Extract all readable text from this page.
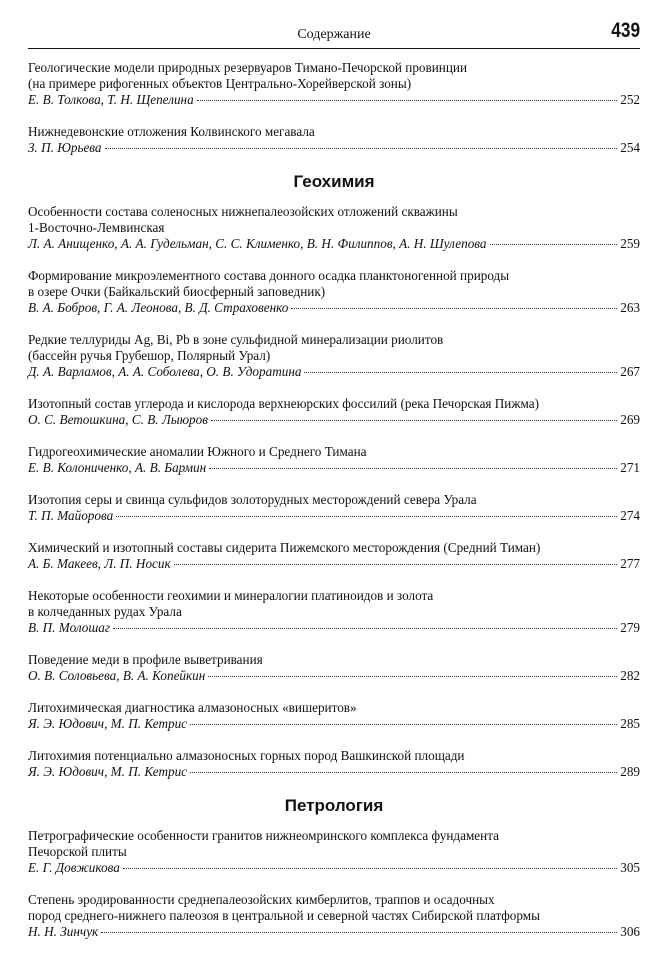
Содержание	439
Геологические модели природных резервуаров Тимано-Печорской провинции
(на примере рифогенных объектов Центрально-Хорейверской зоны)
Е. В. Толкова, Т. Н. Щепелина	252
Нижнедевонские отложения Колвинского мегавала
З. П. Юрьева	254
Геохимия
Особенности состава соленосных нижнепалеозойских отложений скважины
1-Восточно-Лемвинская
Л. А. Анищенко, А. А. Гудельман, С. С. Клименко, В. Н. Филиппов, А. Н. Шулепова	259
Формирование микроэлементного состава донного осадка планктоногенной природы
в озере Очки (Байкальский биосферный заповедник)
В. А. Бобров, Г. А. Леонова, В. Д. Страховенко	263
Редкие теллуриды Ag, Bi, Pb в зоне сульфидной минерализации риолитов
(бассейн ручья Грубешор, Полярный Урал)
Д. А. Варламов, А. А. Соболева, О. В. Удоратина	267
Изотопный состав углерода и кислорода верхнеюрских фоссилий (река Печорская Пижма)
О. С. Ветошкина, С. В. Лыюров	269
Гидрогеохимические аномалии Южного и Среднего Тимана
Е. В. Колониченко, А. В. Бармин	271
Изотопия серы и свинца сульфидов золоторудных месторождений севера Урала
Т. П. Майорова	274
Химический и изотопный составы сидерита Пижемского месторождения (Средний Тиман)
А. Б. Макеев, Л. П. Носик	277
Некоторые особенности геохимии и минералогии платиноидов и золота
в колчеданных рудах Урала
В. П. Молошаг	279
Поведение меди в профиле выветривания
О. В. Соловьева, В. А. Копейкин	282
Литохимическая диагностика алмазоносных «вишеритов»
Я. Э. Юдович, М. П. Кетрис	285
Литохимия потенциально алмазоносных горных пород Вашкинской площади
Я. Э. Юдович, М. П. Кетрис	289
Петрология
Петрографические особенности гранитов нижнеомринского комплекса фундамента
Печорской плиты
Е. Г. Довжикова	305
Степень эродированности среднепалеозойских кимберлитов, траппов и осадочных
пород среднего-нижнего палеозоя в центральной и северной частях Сибирской платформы
Н. Н. Зинчук	306
